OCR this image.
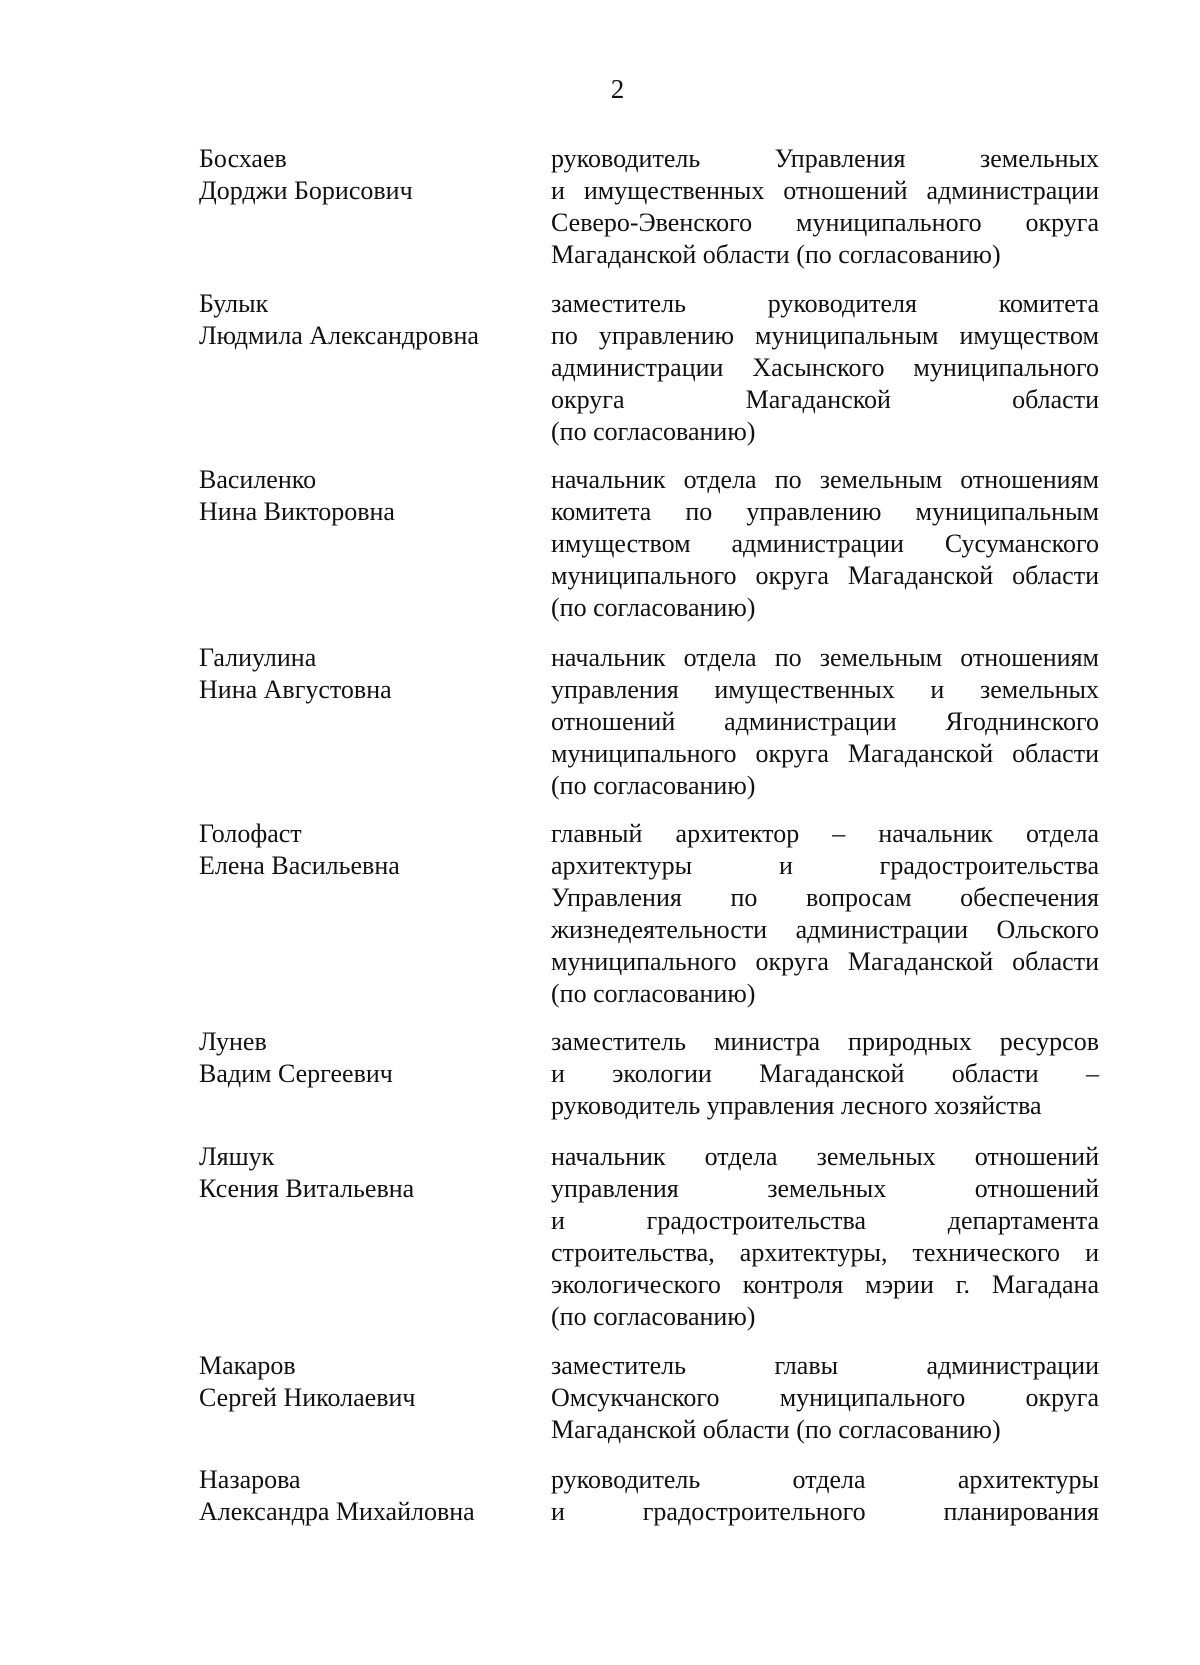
2
Босхаев
Дорджи Борисович
руководитель Управления земельных
и имущественных отношений администрации
Северо-Эвенского муниципального округа
Магаданской области (по согласованию)
Булык
Людмила Александровна
заместитель руководителя комитета
по управлению муниципальным имуществом
администрации Хасынского муниципального
округа Магаданской области
(по согласованию)
Василенко
Нина Викторовна
начальник отдела по земельным отношениям
комитета по управлению муниципальным
имуществом администрации Сусуманского
муниципального округа Магаданской области
(по согласованию)
Галиулина
Нина Августовна
начальник отдела по земельным отношениям
управления имущественных и земельных
отношений администрации Ягоднинского
муниципального округа Магаданской области
(по согласованию)
Голофаст
Елена Васильевна
главный архитектор – начальник отдела
архитектуры и градостроительства
Управления по вопросам обеспечения
жизнедеятельности администрации Ольского
муниципального округа Магаданской области
(по согласованию)
Лунев
Вадим Сергеевич
заместитель министра природных ресурсов
и экологии Магаданской области –
руководитель управления лесного хозяйства
Ляшук
Ксения Витальевна
начальник отдела земельных отношений
управления земельных отношений
и градостроительства департамента
строительства, архитектуры, технического и
экологического контроля мэрии г. Магадана
(по согласованию)
Макаров
Сергей Николаевич
заместитель главы администрации
Омсукчанского муниципального округа
Магаданской области (по согласованию)
Назарова
Александра Михайловна
руководитель отдела архитектуры
и градостроительного планирования
